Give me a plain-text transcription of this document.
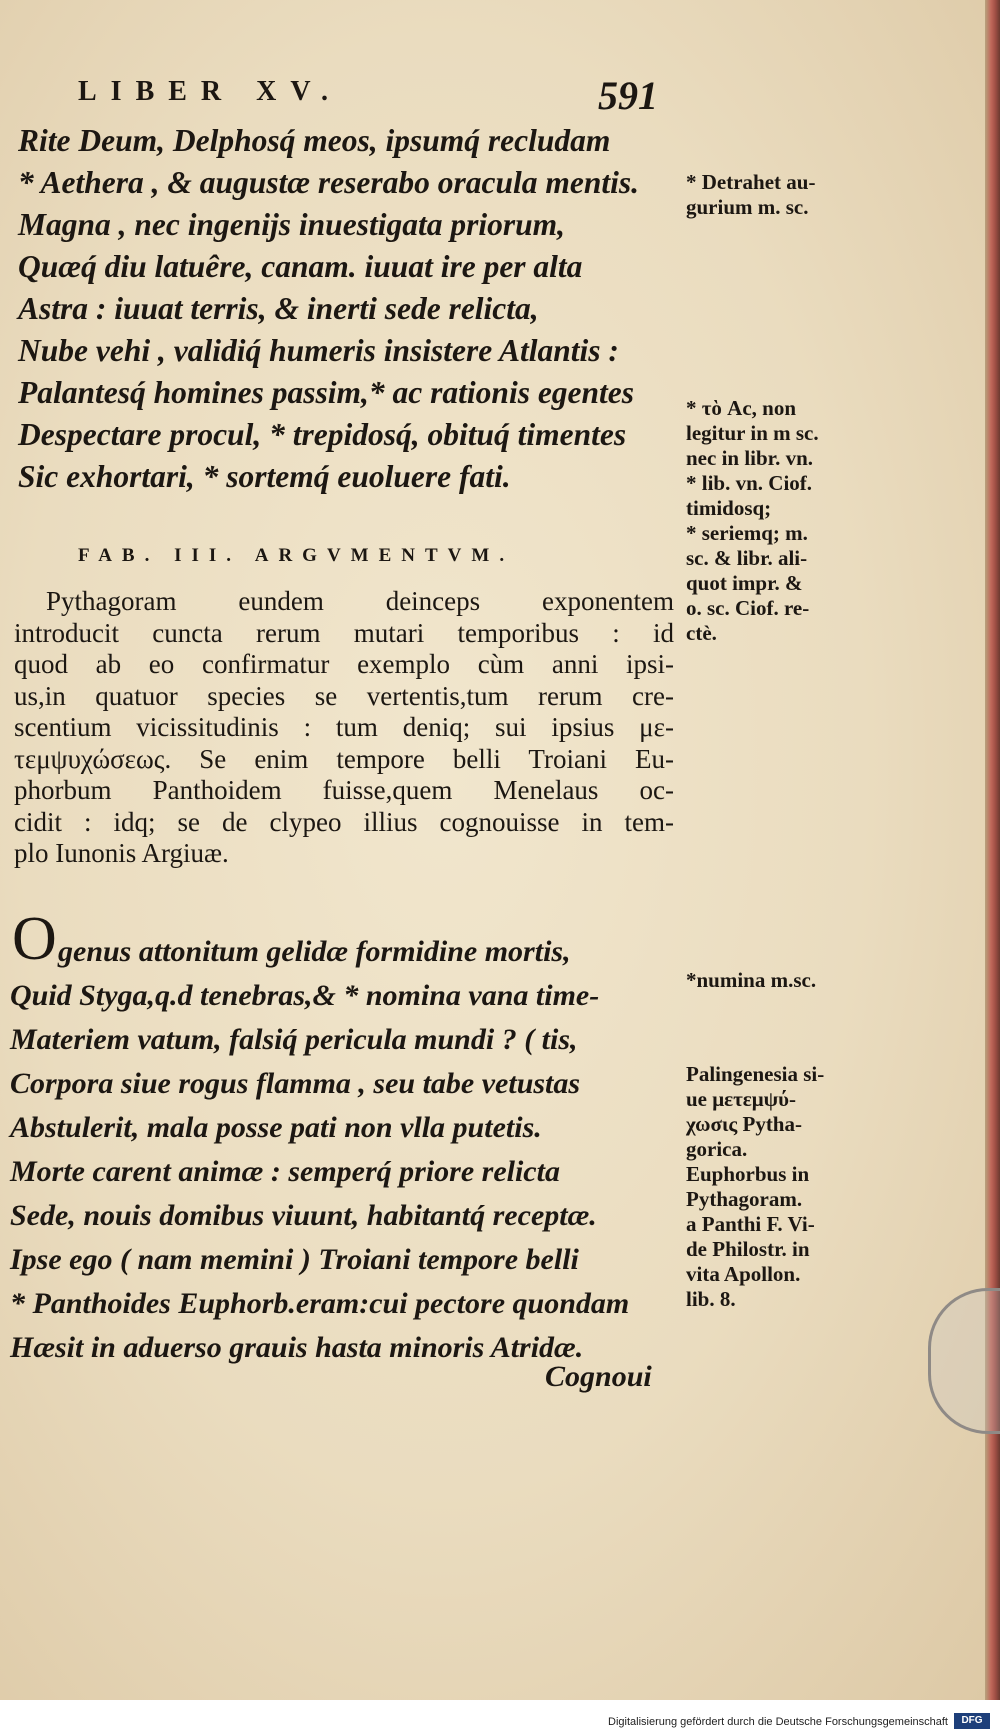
LIBER XV.	591
Rite Deum, Delphosq́ meos, ipsumq́ recludam
* Aethera , & augustæ reserabo oracula mentis.
Magna , nec ingenijs inuestigata priorum,
Quæq́ diu latuêre, canam. iuuat ire per alta
Astra : iuuat terris, & inerti sede relicta,
Nube vehi , validiq́ humeris insistere Atlantis :
Palantesq́ homines passim,* ac rationis egentes
Despectare procul, * trepidosq́, obituq́ timentes
Sic exhortari, * sortemq́ euoluere fati.
FAB. III. ARGVMENTVM.
Pythagoram eundem deinceps exponentem
introducit cuncta rerum mutari temporibus : id
quod ab eo confirmatur exemplo cùm anni ipsi-
us,in quatuor species se vertentis,tum rerum cre-
scentium vicissitudinis : tum deniq; sui ipsius με-
τεμψυχώσεως. Se enim tempore belli Troiani Eu-
phorbum Panthoidem fuisse,quem Menelaus oc-
cidit : idq; se de clypeo illius cognouisse in tem-
plo Iunonis Argiuæ.
O genus attonitum gelidæ formidine mortis,
Quid Styga,q.d tenebras,& * nomina vana time-
Materiem vatum, falsiq́ pericula mundi ? ( tis,
Corpora siue rogus flamma , seu tabe vetustas
Abstulerit, mala posse pati non vlla putetis.
Morte carent animæ : semperq́ priore relicta
Sede, nouis domibus viuunt, habitantq́ receptæ.
Ipse ego ( nam memini ) Troiani tempore belli
* Panthoides Euphorb.eram:cui pectore quondam
Hæsit in aduerso grauis hasta minoris Atridæ.
Cognoui
* Detrahet au-
gurium m. sc.
* τὸ Ac, non
legitur in m sc.
nec in libr. vn.
* lib. vn. Ciof.
timidosq;
* seriemq; m.
sc. & libr. ali-
quot impr. &
o. sc. Ciof. re-
ctè.
*numina m.sc.
Palingenesia si-
ue μετεμψύ-
χωσις Pytha-
gorica.
Euphorbus in
Pythagoram.
a Panthi F. Vi-
de Philostr. in
vita Apollon.
lib. 8.
Digitalisierung gefördert durch die Deutsche Forschungsgemeinschaft	DFG
